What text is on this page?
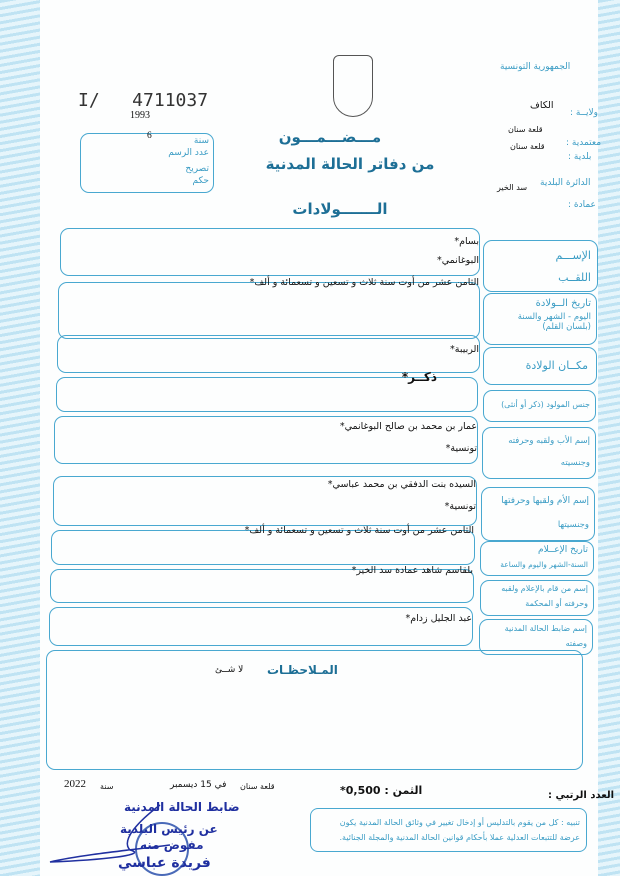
الجمهورية التونسية
ولايــة :
الكاف
قلعة سنان
معتمدية :
قلعة سنان
بلدية :
الدائرة البلدية
سد الخير
عمادة :
I/   4711037
1993
سنة
6
عدد الرسم
تصريح
حكم
مـــضـــمـــون
من دفاتر الحالة المدنية
الـــــــولادات
بسام*
البوغانمي*	الإســـم
اللقــب
الثامن عشر من أوت سنة ثلاث و تسعين و تسعمائة و ألف*
تاريخ الــولادة
اليوم - الشهر والسنة (بلسان القلم)
الربيبة*
مكــان الولادة
ذكــر*
جنس المولود (ذكر أو أنثى)
عمار بن محمد بن صالح البوغانمي*
تونسية*
إسم الأب ولقبه وحرفته
وجنسيته
السيده بنت الدفقي بن محمد عباسي*
تونسية*	إسم الأم ولقبها وحرفتها
وجنسيتها
الثامن عشر من أوت سنة ثلاث و تسعين و تسعمائة و ألف*
تاريخ الإعــلام
السنة-الشهر واليوم والساعة
بلقاسم شاهد عمادة سد الخير*
إسم من قام بالإعلام ولقبه
وحرفته أو المحكمة
عبد الجليل زدام*
إسم ضابط الحالة المدنية
وصفته
المـلاحظـات
لا شــئ
العدد الرتبي :
الثمن : 0,500*
قلعة سنان
في 15 ديسمبر
سنة
2022
تنبيه : كل من يقوم بالتدليس أو إدخال تغيير في وثائق الحالة المدنية يكون عرضة للتتبعات العدلية عملا بأحكام قوانين الحالة المدنية والمجلة الجنائية.
ضابط الحالة المدنية
عن رئيس البلدية
مفوض منه
فريدة عباسي
